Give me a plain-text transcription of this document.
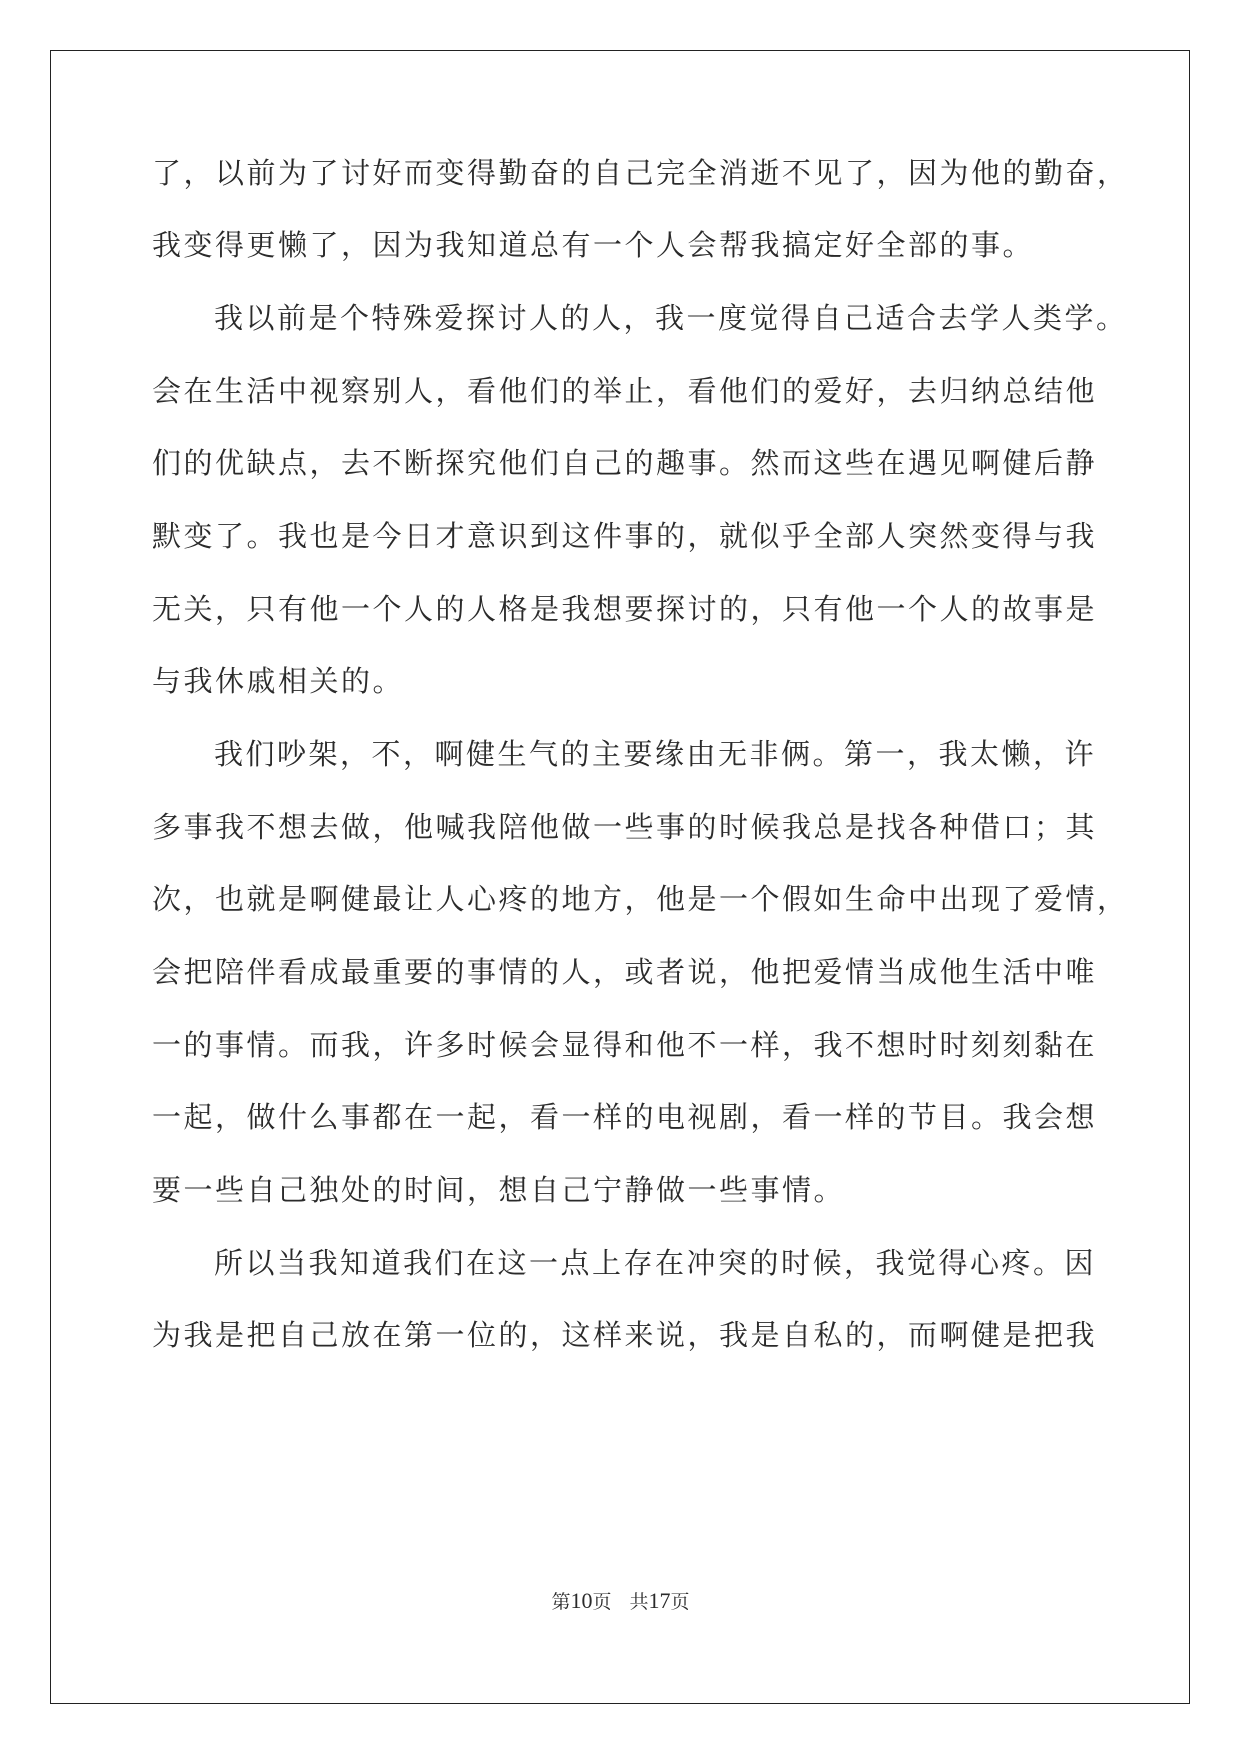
了，以前为了讨好而变得勤奋的自己完全消逝不见了，因为他的勤奋，

我变得更懒了，因为我知道总有一个人会帮我搞定好全部的事。

我以前是个特殊爱探讨人的人，我一度觉得自己适合去学人类学。

会在生活中视察别人，看他们的举止，看他们的爱好，去归纳总结他

们的优缺点，去不断探究他们自己的趣事。然而这些在遇见啊健后静

默变了。我也是今日才意识到这件事的，就似乎全部人突然变得与我

无关，只有他一个人的人格是我想要探讨的，只有他一个人的故事是

与我休戚相关的。

我们吵架，不，啊健生气的主要缘由无非俩。第一，我太懒，许

多事我不想去做，他喊我陪他做一些事的时候我总是找各种借口；其

次，也就是啊健最让人心疼的地方，他是一个假如生命中出现了爱情，

会把陪伴看成最重要的事情的人，或者说，他把爱情当成他生活中唯

一的事情。而我，许多时候会显得和他不一样，我不想时时刻刻黏在

一起，做什么事都在一起，看一样的电视剧，看一样的节目。我会想

要一些自己独处的时间，想自己宁静做一些事情。

所以当我知道我们在这一点上存在冲突的时候，我觉得心疼。因

为我是把自己放在第一位的，这样来说，我是自私的，而啊健是把我

第10页 共17页
